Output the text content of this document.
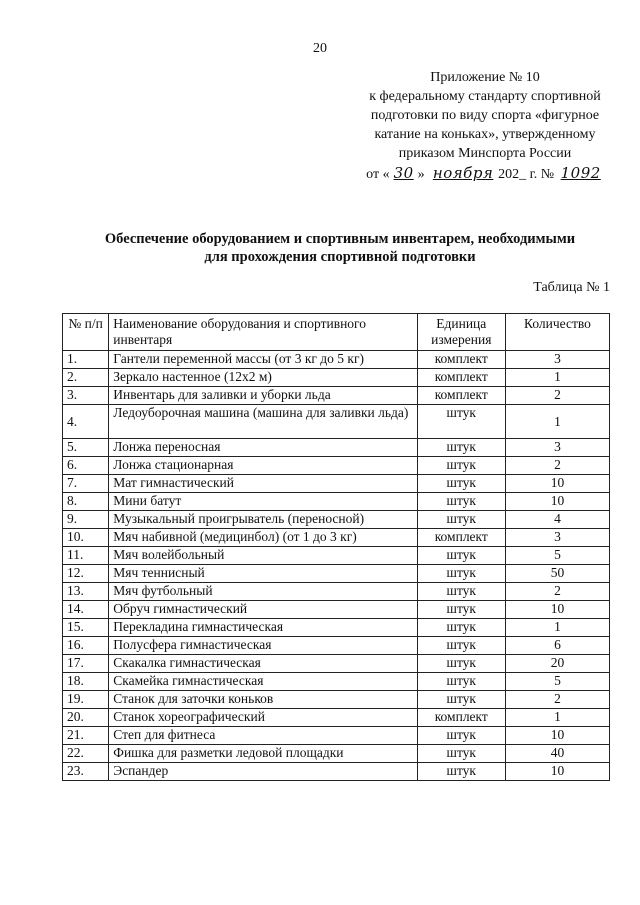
20
Приложение № 10
к федеральному стандарту спортивной
подготовки по виду спорта «фигурное
катание на коньках», утвержденному
приказом Минспорта России
от « 30 » ноября 202_ г. № 1092
Обеспечение оборудованием и спортивным инвентарем, необходимыми
для прохождения спортивной подготовки
Таблица № 1
№ п/п	Наименование оборудования и спортивного инвентаря	Единица измерения	Количество
1.	Гантели переменной массы (от 3 кг до 5 кг)	комплект	3
2.	Зеркало настенное (12х2 м)	комплект	1
3.	Инвентарь для заливки и уборки льда	комплект	2
4.	Ледоуборочная машина (машина для заливки льда)	штук	1
5.	Лонжа переносная	штук	3
6.	Лонжа стационарная	штук	2
7.	Мат гимнастический	штук	10
8.	Мини батут	штук	10
9.	Музыкальный проигрыватель (переносной)	штук	4
10.	Мяч набивной (медицинбол) (от 1 до 3 кг)	комплект	3
11.	Мяч волейбольный	штук	5
12.	Мяч теннисный	штук	50
13.	Мяч футбольный	штук	2
14.	Обруч гимнастический	штук	10
15.	Перекладина гимнастическая	штук	1
16.	Полусфера гимнастическая	штук	6
17.	Скакалка гимнастическая	штук	20
18.	Скамейка гимнастическая	штук	5
19.	Станок для заточки коньков	штук	2
20.	Станок хореографический	комплект	1
21.	Степ для фитнеса	штук	10
22.	Фишка для разметки ледовой площадки	штук	40
23.	Эспандер	штук	10
